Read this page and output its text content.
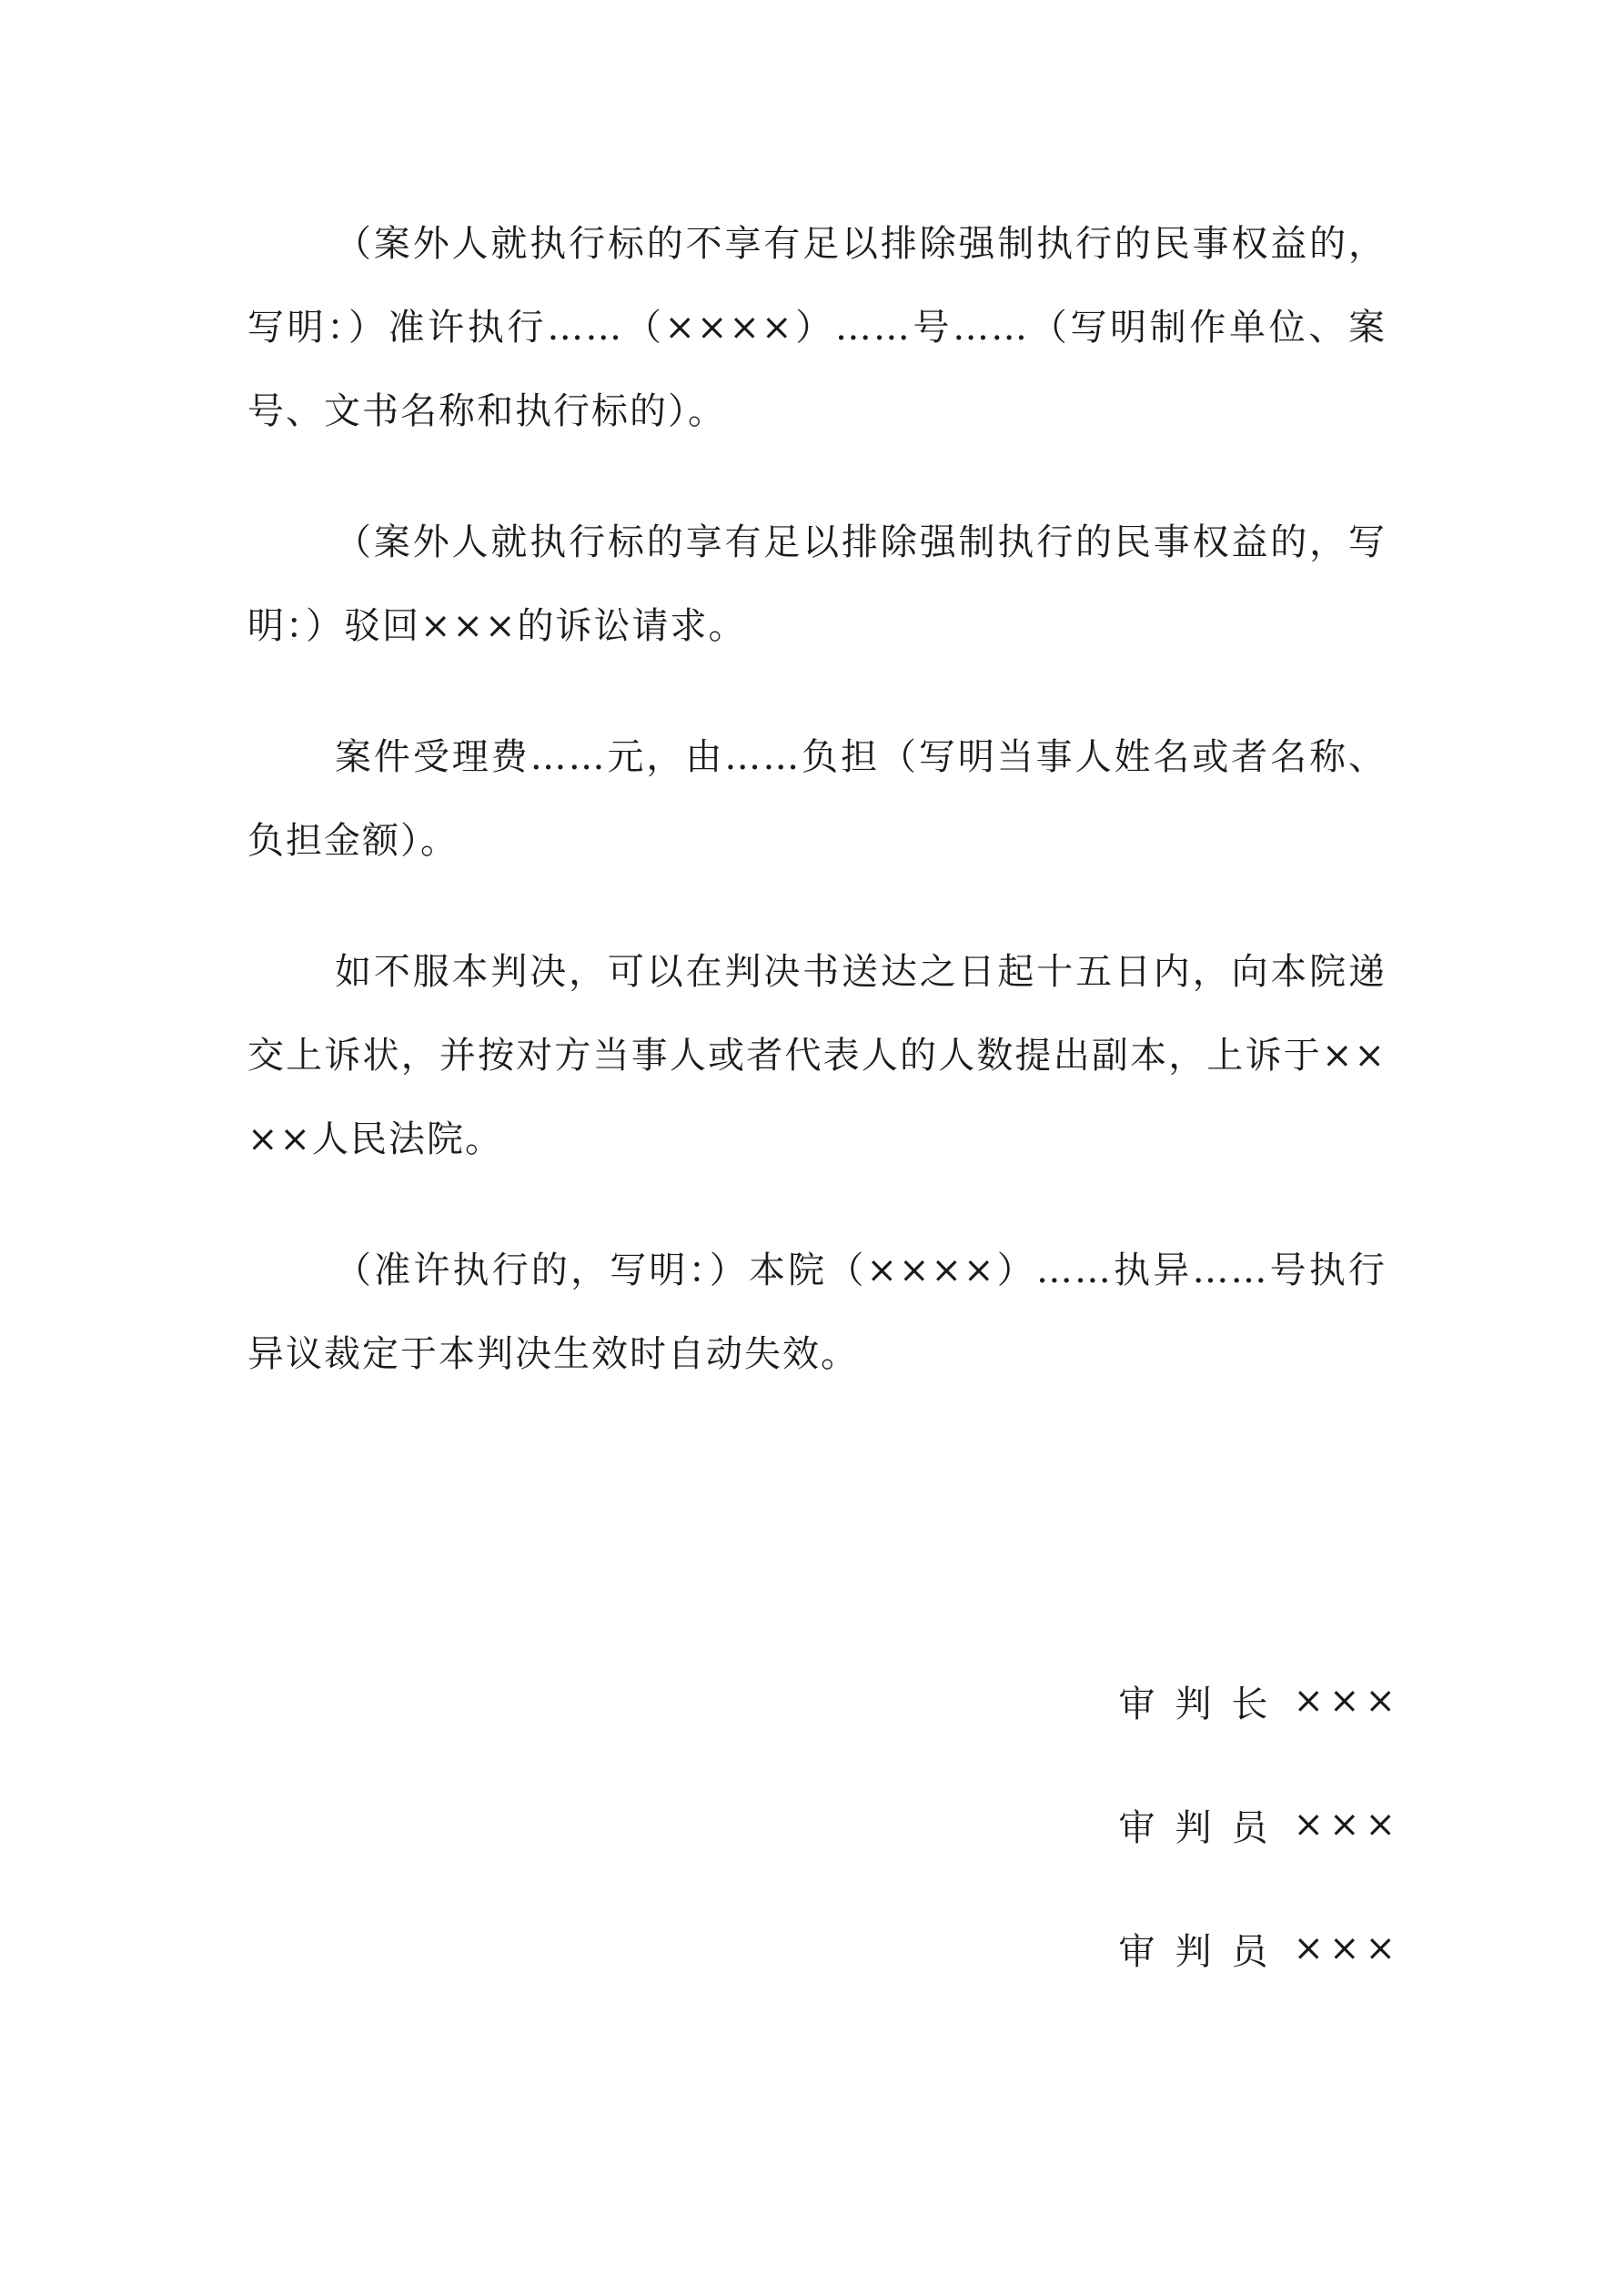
（案外人就执行标的不享有足以排除强制执行的民事权益的，写明：）准许执行……（××××）……号……（写明制作单位、案号、文书名称和执行标的）。

（案外人就执行标的享有足以排除强制执行的民事权益的，写明：）驳回×××的诉讼请求。

案件受理费……元，由……负担（写明当事人姓名或者名称、负担金额）。

如不服本判决，可以在判决书送达之日起十五日内，向本院递交上诉状，并按对方当事人或者代表人的人数提出副本，上诉于××××人民法院。

（准许执行的，写明：）本院（××××）……执异……号执行异议裁定于本判决生效时自动失效。

审判长 ×××
审判员 ×××
审判员 ×××
